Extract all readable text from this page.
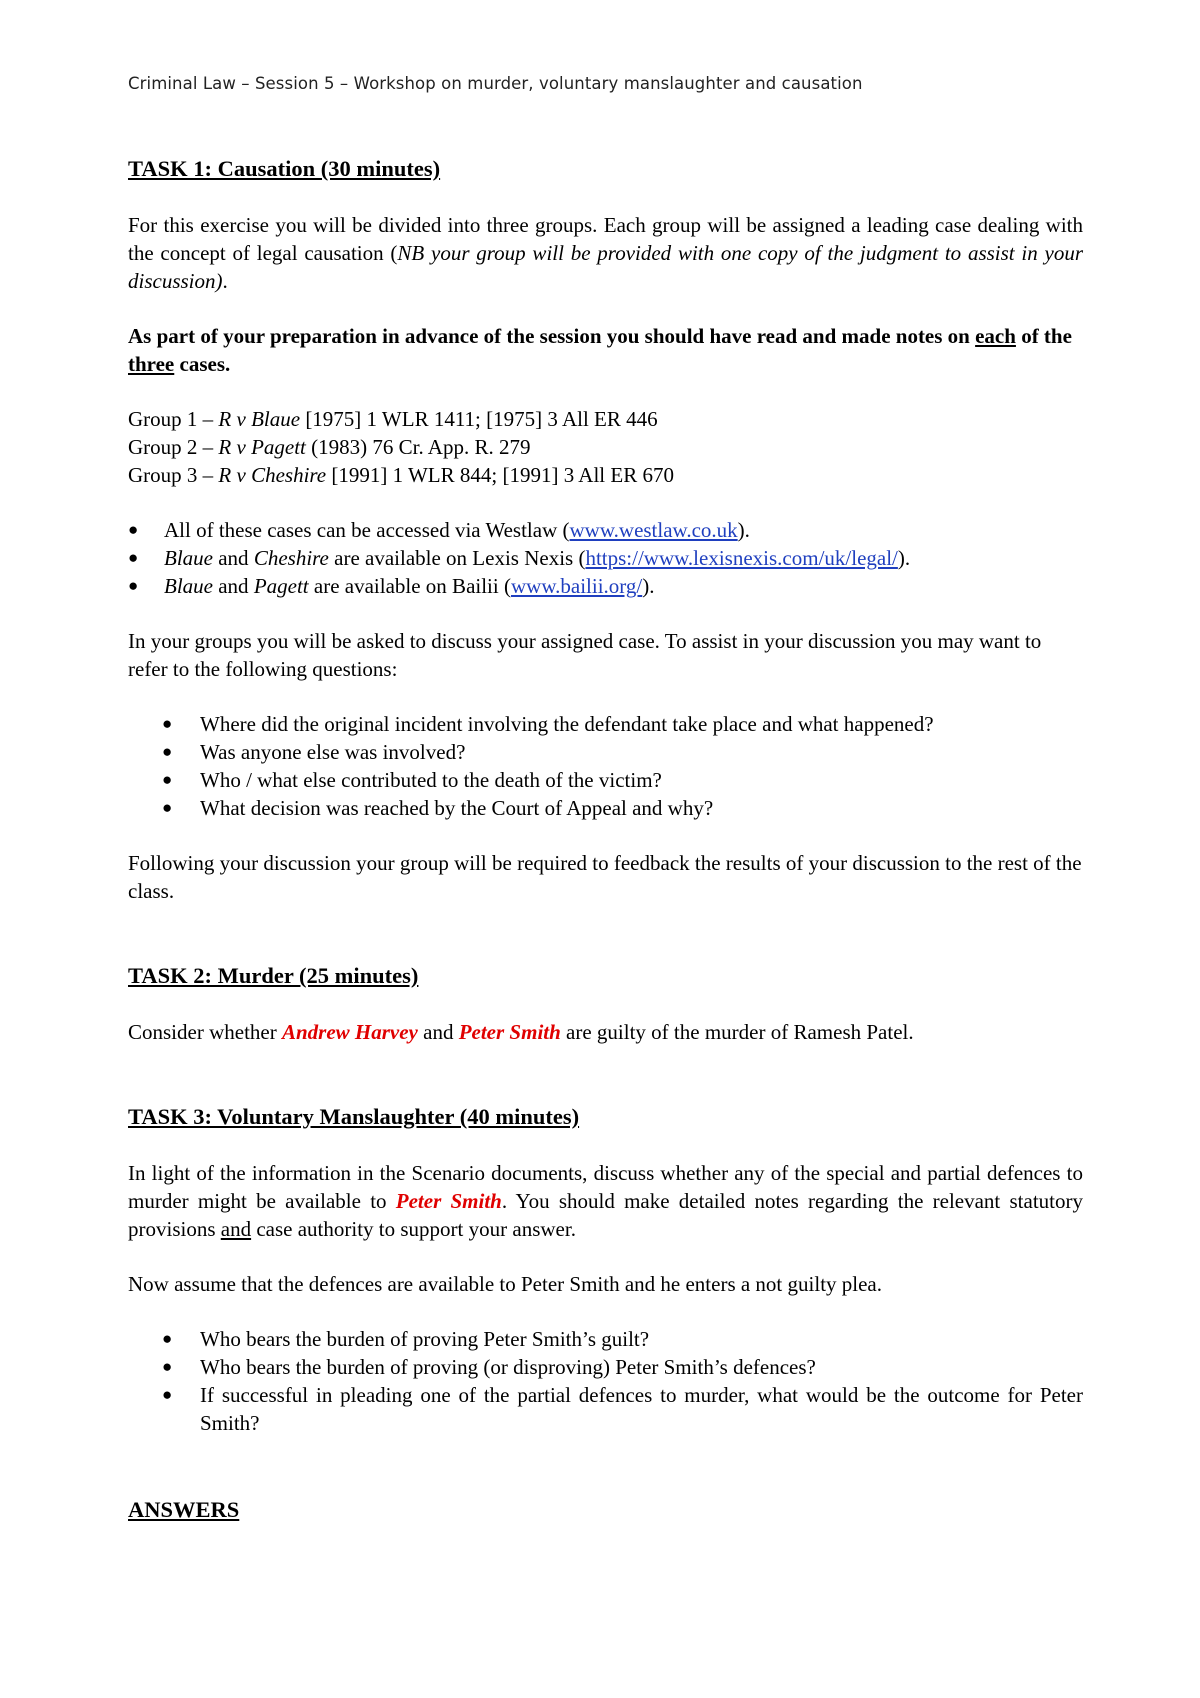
Criminal Law – Session 5 – Workshop on murder, voluntary manslaughter and causation
TASK 1: Causation (30 minutes)

For this exercise you will be divided into three groups. Each group will be assigned a leading case dealing with the concept of legal causation (NB your group will be provided with one copy of the judgment to assist in your discussion).

As part of your preparation in advance of the session you should have read and made notes on each of the three cases.

Group 1 – R v Blaue [1975] 1 WLR 1411; [1975] 3 All ER 446

Group 2 – R v Pagett (1983) 76 Cr. App. R. 279

Group 3 – R v Cheshire [1991] 1 WLR 844; [1991] 3 All ER 670

● All of these cases can be accessed via Westlaw (www.westlaw.co.uk).
● Blaue and Cheshire are available on Lexis Nexis (https://www.lexisnexis.com/uk/legal/).
● Blaue and Pagett are available on Bailii (www.bailii.org/).

In your groups you will be asked to discuss your assigned case. To assist in your discussion you may want to refer to the following questions:

● Where did the original incident involving the defendant take place and what happened?
● Was anyone else was involved?
● Who / what else contributed to the death of the victim?
● What decision was reached by the Court of Appeal and why?

Following your discussion your group will be required to feedback the results of your discussion to the rest of the class.

TASK 2: Murder (25 minutes)

Consider whether Andrew Harvey and Peter Smith are guilty of the murder of Ramesh Patel.

TASK 3: Voluntary Manslaughter (40 minutes)

In light of the information in the Scenario documents, discuss whether any of the special and partial defences to murder might be available to Peter Smith. You should make detailed notes regarding the relevant statutory provisions and case authority to support your answer.

Now assume that the defences are available to Peter Smith and he enters a not guilty plea.

● Who bears the burden of proving Peter Smith’s guilt?
● Who bears the burden of proving (or disproving) Peter Smith’s defences?
● If successful in pleading one of the partial defences to murder, what would be the outcome for Peter Smith?
ANSWERS
